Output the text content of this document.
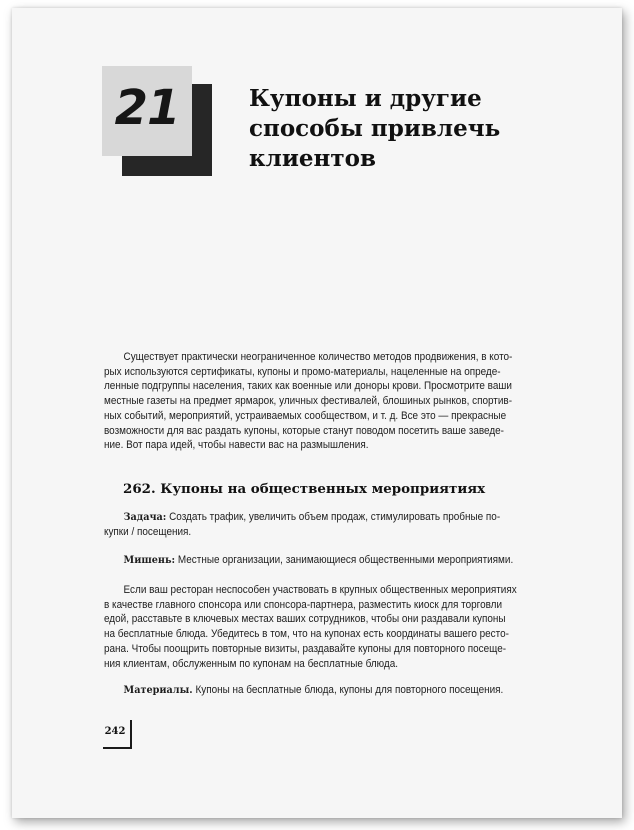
21	Купоны и другие
способы привлечь
клиентов
Существует практически неограниченное количество методов продвижения, в кото-
рых используются сертификаты, купоны и промо-материалы, нацеленные на опреде-
ленные подгруппы населения, таких как военные или доноры крови. Просмотрите ваши
местные газеты на предмет ярмарок, уличных фестивалей, блошиных рынков, спортив-
ных событий, мероприятий, устраиваемых сообществом, и т. д. Все это — прекрасные
возможности для вас раздать купоны, которые станут поводом посетить ваше заведе-
ние. Вот пара идей, чтобы навести вас на размышления.
262. Купоны на общественных мероприятиях
Задача: Создать трафик, увеличить объем продаж, стимулировать пробные по-
купки / посещения.
Мишень: Местные организации, занимающиеся общественными мероприятиями.
Если ваш ресторан неспособен участвовать в крупных общественных мероприятиях
в качестве главного спонсора или спонсора-партнера, разместить киоск для торговли
едой, расставьте в ключевых местах ваших сотрудников, чтобы они раздавали купоны
на бесплатные блюда. Убедитесь в том, что на купонах есть координаты вашего ресто-
рана. Чтобы поощрить повторные визиты, раздавайте купоны для повторного посеще-
ния клиентам, обслуженным по купонам на бесплатные блюда.
Материалы. Купоны на бесплатные блюда, купоны для повторного посещения.
242
